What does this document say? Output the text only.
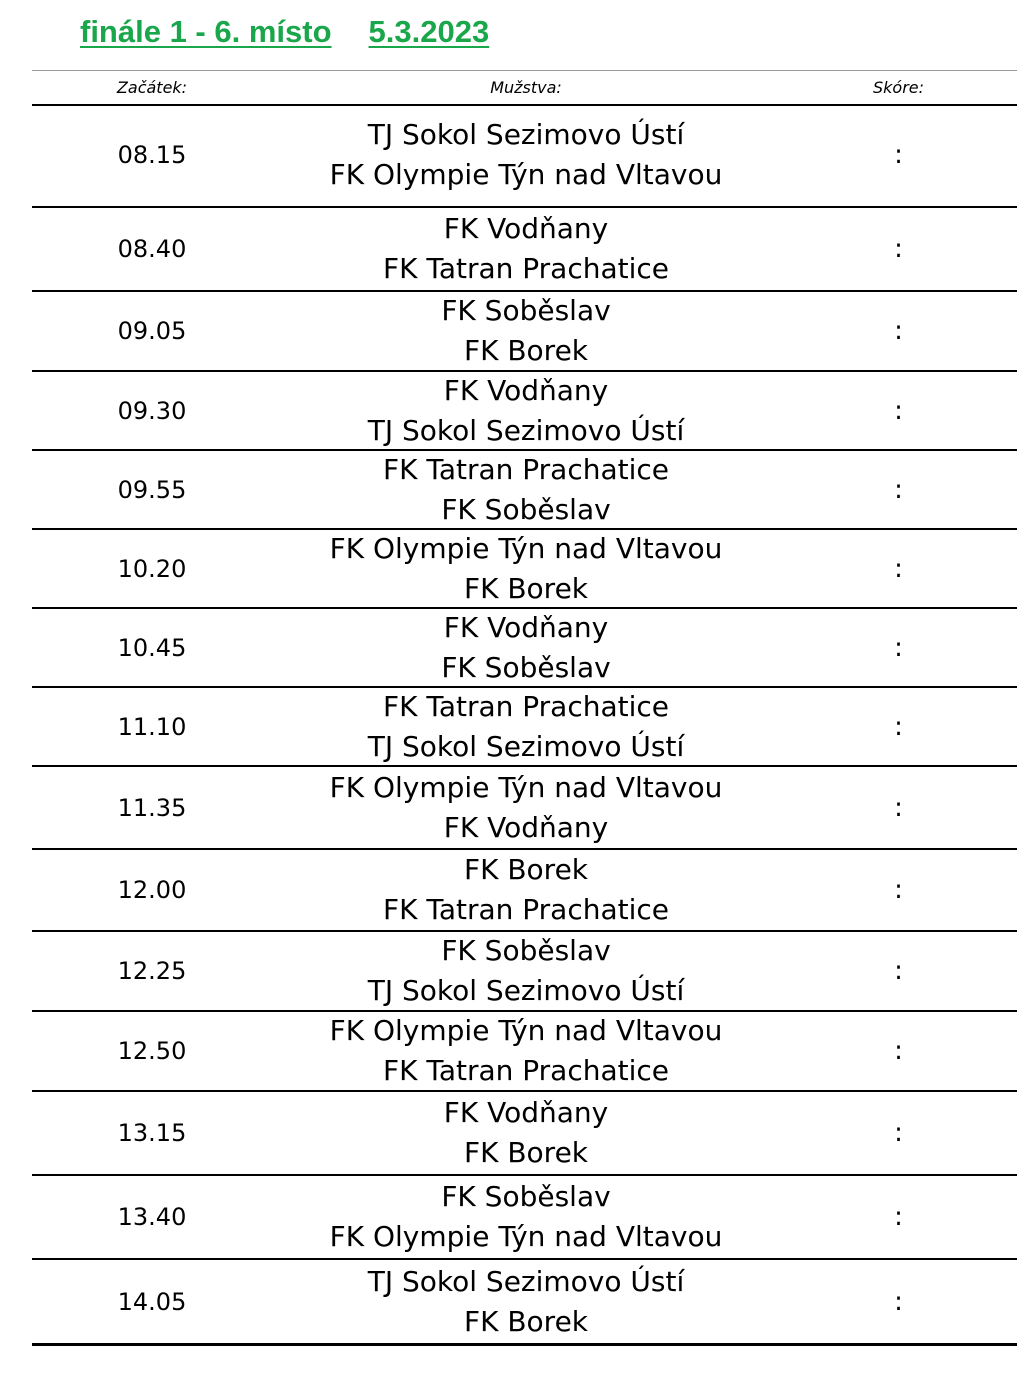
finále 1 - 6. místo 5.3.2023
Začátek:	Mužstva:	Skóre:
08.15
TJ Sokol Sezimovo Ústí
FK Olympie Týn nad Vltavou
:
08.40
FK Vodňany
FK Tatran Prachatice
:
09.05
FK Soběslav
FK Borek
:
09.30
FK Vodňany
TJ Sokol Sezimovo Ústí
:
09.55
FK Tatran Prachatice
FK Soběslav
:
10.20
FK Olympie Týn nad Vltavou
FK Borek
:
10.45
FK Vodňany
FK Soběslav
:
11.10
FK Tatran Prachatice
TJ Sokol Sezimovo Ústí
:
11.35
FK Olympie Týn nad Vltavou
FK Vodňany
:
12.00
FK Borek
FK Tatran Prachatice
:
12.25
FK Soběslav
TJ Sokol Sezimovo Ústí
:
12.50
FK Olympie Týn nad Vltavou
FK Tatran Prachatice
:
13.15
FK Vodňany
FK Borek
:
13.40
FK Soběslav
FK Olympie Týn nad Vltavou
:
14.05
TJ Sokol Sezimovo Ústí
FK Borek
:
